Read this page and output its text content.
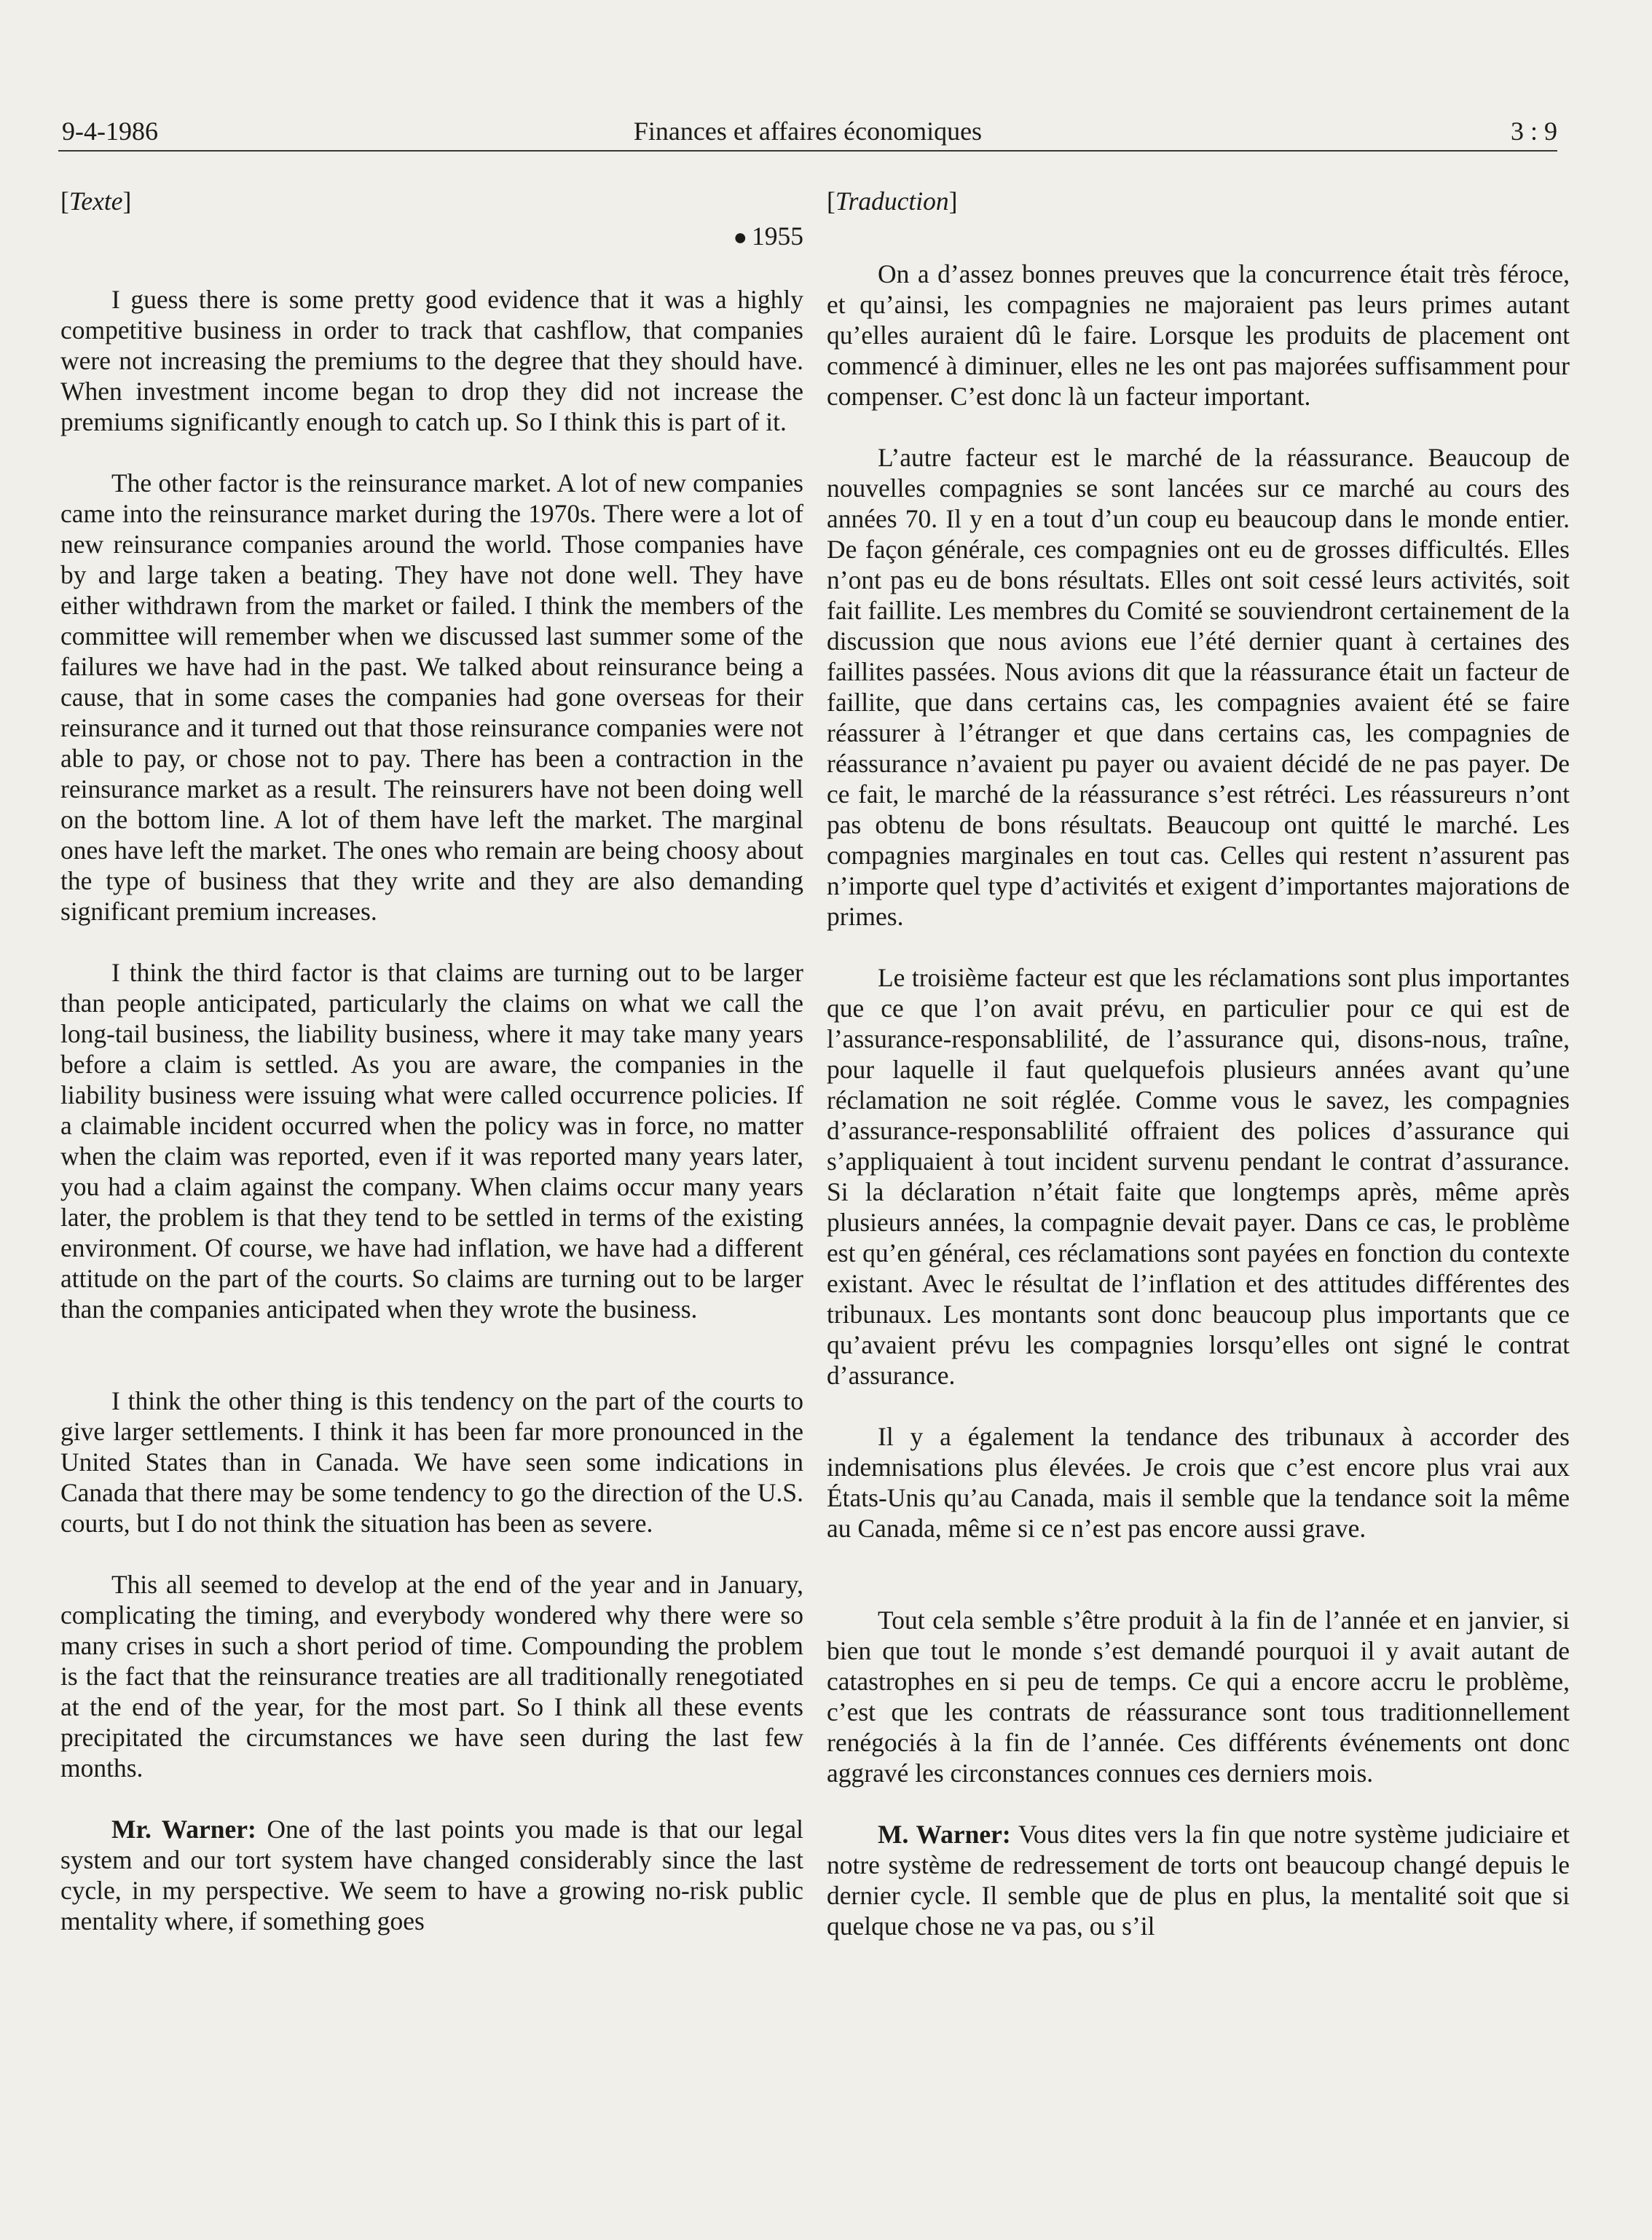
9-4-1986	Finances et affaires économiques	3 : 9
[Texte]
● 1955

I guess there is some pretty good evidence that it was a highly competitive business in order to track that cashflow, that companies were not increasing the premiums to the degree that they should have. When investment income began to drop they did not increase the premiums significantly enough to catch up. So I think this is part of it.

The other factor is the reinsurance market. A lot of new companies came into the reinsurance market during the 1970s. There were a lot of new reinsurance companies around the world. Those companies have by and large taken a beating. They have not done well. They have either withdrawn from the market or failed. I think the members of the committee will remember when we discussed last summer some of the failures we have had in the past. We talked about reinsurance being a cause, that in some cases the companies had gone overseas for their reinsurance and it turned out that those reinsurance companies were not able to pay, or chose not to pay. There has been a contraction in the reinsurance market as a result. The reinsurers have not been doing well on the bottom line. A lot of them have left the market. The marginal ones have left the market. The ones who remain are being choosy about the type of business that they write and they are also demanding significant premium increases.

I think the third factor is that claims are turning out to be larger than people anticipated, particularly the claims on what we call the long-tail business, the liability business, where it may take many years before a claim is settled. As you are aware, the companies in the liability business were issuing what were called occurrence policies. If a claimable incident occurred when the policy was in force, no matter when the claim was reported, even if it was reported many years later, you had a claim against the company. When claims occur many years later, the problem is that they tend to be settled in terms of the existing environment. Of course, we have had inflation, we have had a different attitude on the part of the courts. So claims are turning out to be larger than the companies anticipated when they wrote the business.

I think the other thing is this tendency on the part of the courts to give larger settlements. I think it has been far more pronounced in the United States than in Canada. We have seen some indications in Canada that there may be some tendency to go the direction of the U.S. courts, but I do not think the situation has been as severe.

This all seemed to develop at the end of the year and in January, complicating the timing, and everybody wondered why there were so many crises in such a short period of time. Compounding the problem is the fact that the reinsurance treaties are all traditionally renegotiated at the end of the year, for the most part. So I think all these events precipitated the circumstances we have seen during the last few months.

Mr. Warner: One of the last points you made is that our legal system and our tort system have changed considerably since the last cycle, in my perspective. We seem to have a growing no-risk public mentality where, if something goes

[Traduction]

On a d’assez bonnes preuves que la concurrence était très féroce, et qu’ainsi, les compagnies ne majoraient pas leurs primes autant qu’elles auraient dû le faire. Lorsque les produits de placement ont commencé à diminuer, elles ne les ont pas majorées suffisamment pour compenser. C’est donc là un facteur important.

L’autre facteur est le marché de la réassurance. Beaucoup de nouvelles compagnies se sont lancées sur ce marché au cours des années 70. Il y en a tout d’un coup eu beaucoup dans le monde entier. De façon générale, ces compagnies ont eu de grosses difficultés. Elles n’ont pas eu de bons résultats. Elles ont soit cessé leurs activités, soit fait faillite. Les membres du Comité se souviendront certainement de la discussion que nous avions eue l’été dernier quant à certaines des faillites passées. Nous avions dit que la réassurance était un facteur de faillite, que dans certains cas, les compagnies avaient été se faire réassurer à l’étranger et que dans certains cas, les compagnies de réassurance n’avaient pu payer ou avaient décidé de ne pas payer. De ce fait, le marché de la réassurance s’est rétréci. Les réassureurs n’ont pas obtenu de bons résultats. Beaucoup ont quitté le marché. Les compagnies marginales en tout cas. Celles qui restent n’assurent pas n’importe quel type d’activités et exigent d’importantes majorations de primes.

Le troisième facteur est que les réclamations sont plus importantes que ce que l’on avait prévu, en particulier pour ce qui est de l’assurance-responsablilité, de l’assurance qui, disons-nous, traîne, pour laquelle il faut quelquefois plusieurs années avant qu’une réclamation ne soit réglée. Comme vous le savez, les compagnies d’assurance-responsablilité offraient des polices d’assurance qui s’appliquaient à tout incident survenu pendant le contrat d’assurance. Si la déclaration n’était faite que longtemps après, même après plusieurs années, la compagnie devait payer. Dans ce cas, le problème est qu’en général, ces réclamations sont payées en fonction du contexte existant. Avec le résultat de l’inflation et des attitudes différentes des tribunaux. Les montants sont donc beaucoup plus importants que ce qu’avaient prévu les compagnies lorsqu’elles ont signé le contrat d’assurance.

Il y a également la tendance des tribunaux à accorder des indemnisations plus élevées. Je crois que c’est encore plus vrai aux États-Unis qu’au Canada, mais il semble que la tendance soit la même au Canada, même si ce n’est pas encore aussi grave.

Tout cela semble s’être produit à la fin de l’année et en janvier, si bien que tout le monde s’est demandé pourquoi il y avait autant de catastrophes en si peu de temps. Ce qui a encore accru le problème, c’est que les contrats de réassurance sont tous traditionnellement renégociés à la fin de l’année. Ces différents événements ont donc aggravé les circonstances connues ces derniers mois.

M. Warner: Vous dites vers la fin que notre système judiciaire et notre système de redressement de torts ont beaucoup changé depuis le dernier cycle. Il semble que de plus en plus, la mentalité soit que si quelque chose ne va pas, ou s’il
